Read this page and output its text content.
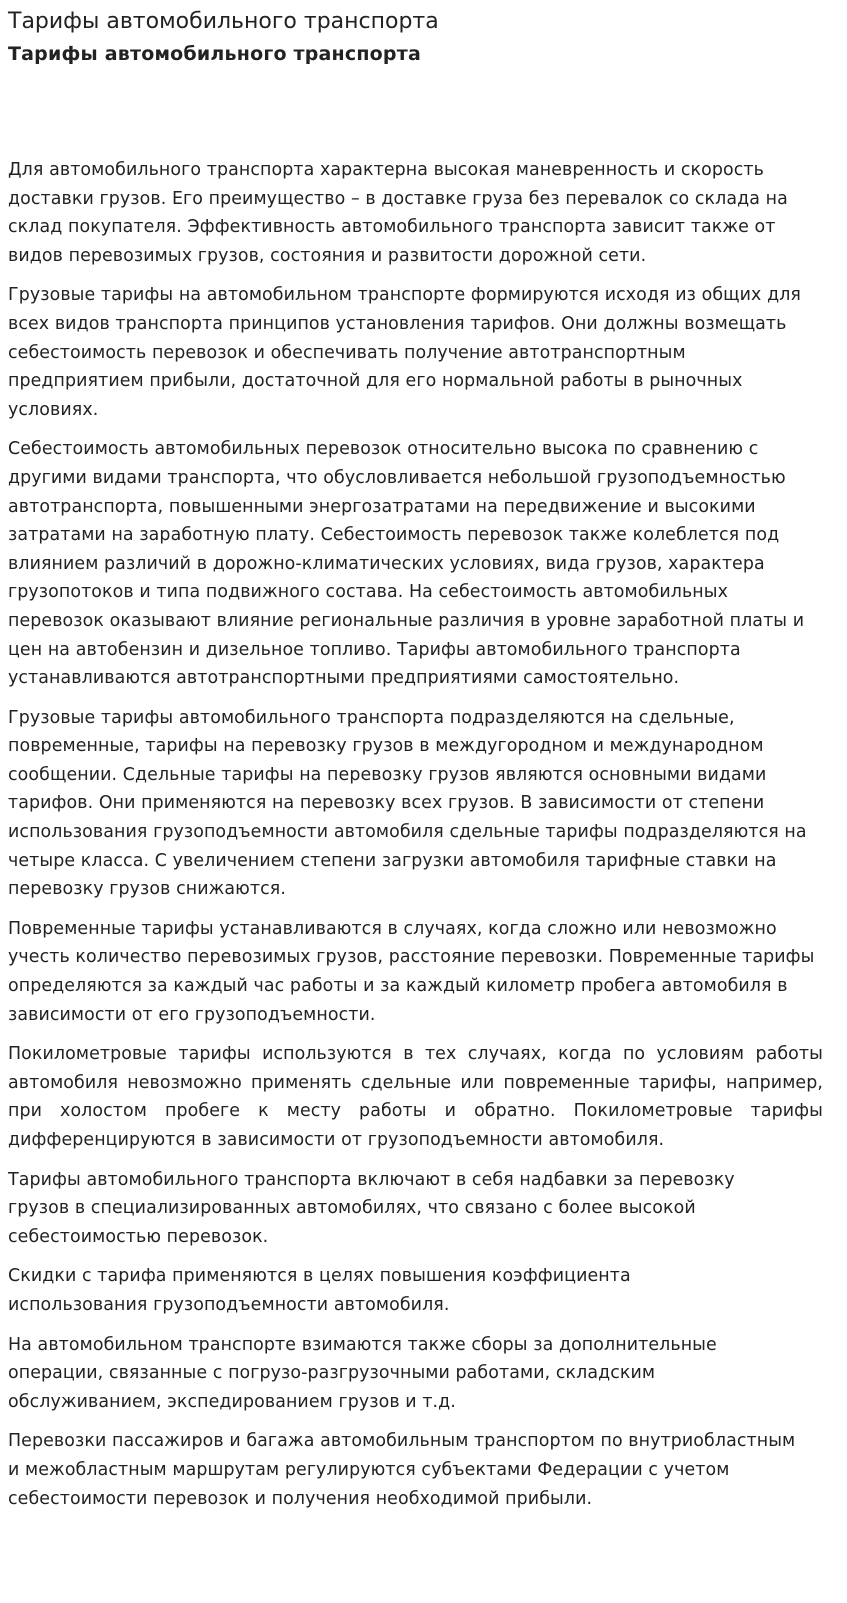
Тарифы автомобильного транспорта
Тарифы автомобильного транспорта

Для автомобильного транспорта характерна высокая маневренность и скорость доставки грузов. Его преимущество – в доставке груза без перевалок со склада на склад покупателя. Эффективность автомобильного транспорта зависит также от видов перевозимых грузов, состояния и развитости дорожной сети.

Грузовые тарифы на автомобильном транспорте формируются исходя из общих для всех видов транспорта принципов установления тарифов. Они должны возмещать себестоимость перевозок и обеспечивать получение автотранспортным предприятием прибыли, достаточной для его нормальной работы в рыночных условиях.

Себестоимость автомобильных перевозок относительно высока по сравнению с другими видами транспорта, что обусловливается небольшой грузоподъемностью автотранспорта, повышенными энергозатратами на передвижение и высокими затратами на заработную плату. Себестоимость перевозок также колеблется под влиянием различий в дорожно-климатических условиях, вида грузов, характера грузопотоков и типа подвижного состава. На себестоимость автомобильных перевозок оказывают влияние региональные различия в уровне заработной платы и цен на автобензин и дизельное топливо. Тарифы автомобильного транспорта устанавливаются автотранспортными предприятиями самостоятельно.

Грузовые тарифы автомобильного транспорта подразделяются на сдельные, повременные, тарифы на перевозку грузов в междугородном и международном сообщении. Сдельные тарифы на перевозку грузов являются основными видами тарифов. Они применяются на перевозку всех грузов. В зависимости от степени использования грузоподъемности автомобиля сдельные тарифы подразделяются на четыре класса. С увеличением степени загрузки автомобиля тарифные ставки на перевозку грузов снижаются.

Повременные тарифы устанавливаются в случаях, когда сложно или невозможно учесть количество перевозимых грузов, расстояние перевозки. Повременные тарифы определяются за каждый час работы и за каждый километр пробега автомобиля в зависимости от его грузоподъемности.

Покилометровые тарифы используются в тех случаях, когда по условиям работы автомобиля невозможно применять сдельные или повременные тарифы, например, при холостом пробеге к месту работы и обратно. Покилометровые тарифы дифференцируются в зависимости от грузоподъемности автомобиля.

Тарифы автомобильного транспорта включают в себя надбавки за перевозку грузов в специализированных автомобилях, что связано с более высокой себестоимостью перевозок.

Скидки с тарифа применяются в целях повышения коэффициента использования грузоподъемности автомобиля.

На автомобильном транспорте взимаются также сборы за дополнительные операции, связанные с погрузо-разгрузочными работами, складским обслуживанием, экспедированием грузов и т.д.

Перевозки пассажиров и багажа автомобильным транспортом по внутриобластным и межобластным маршрутам регулируются субъектами Федерации с учетом себестоимости перевозок и получения необходимой прибыли.
